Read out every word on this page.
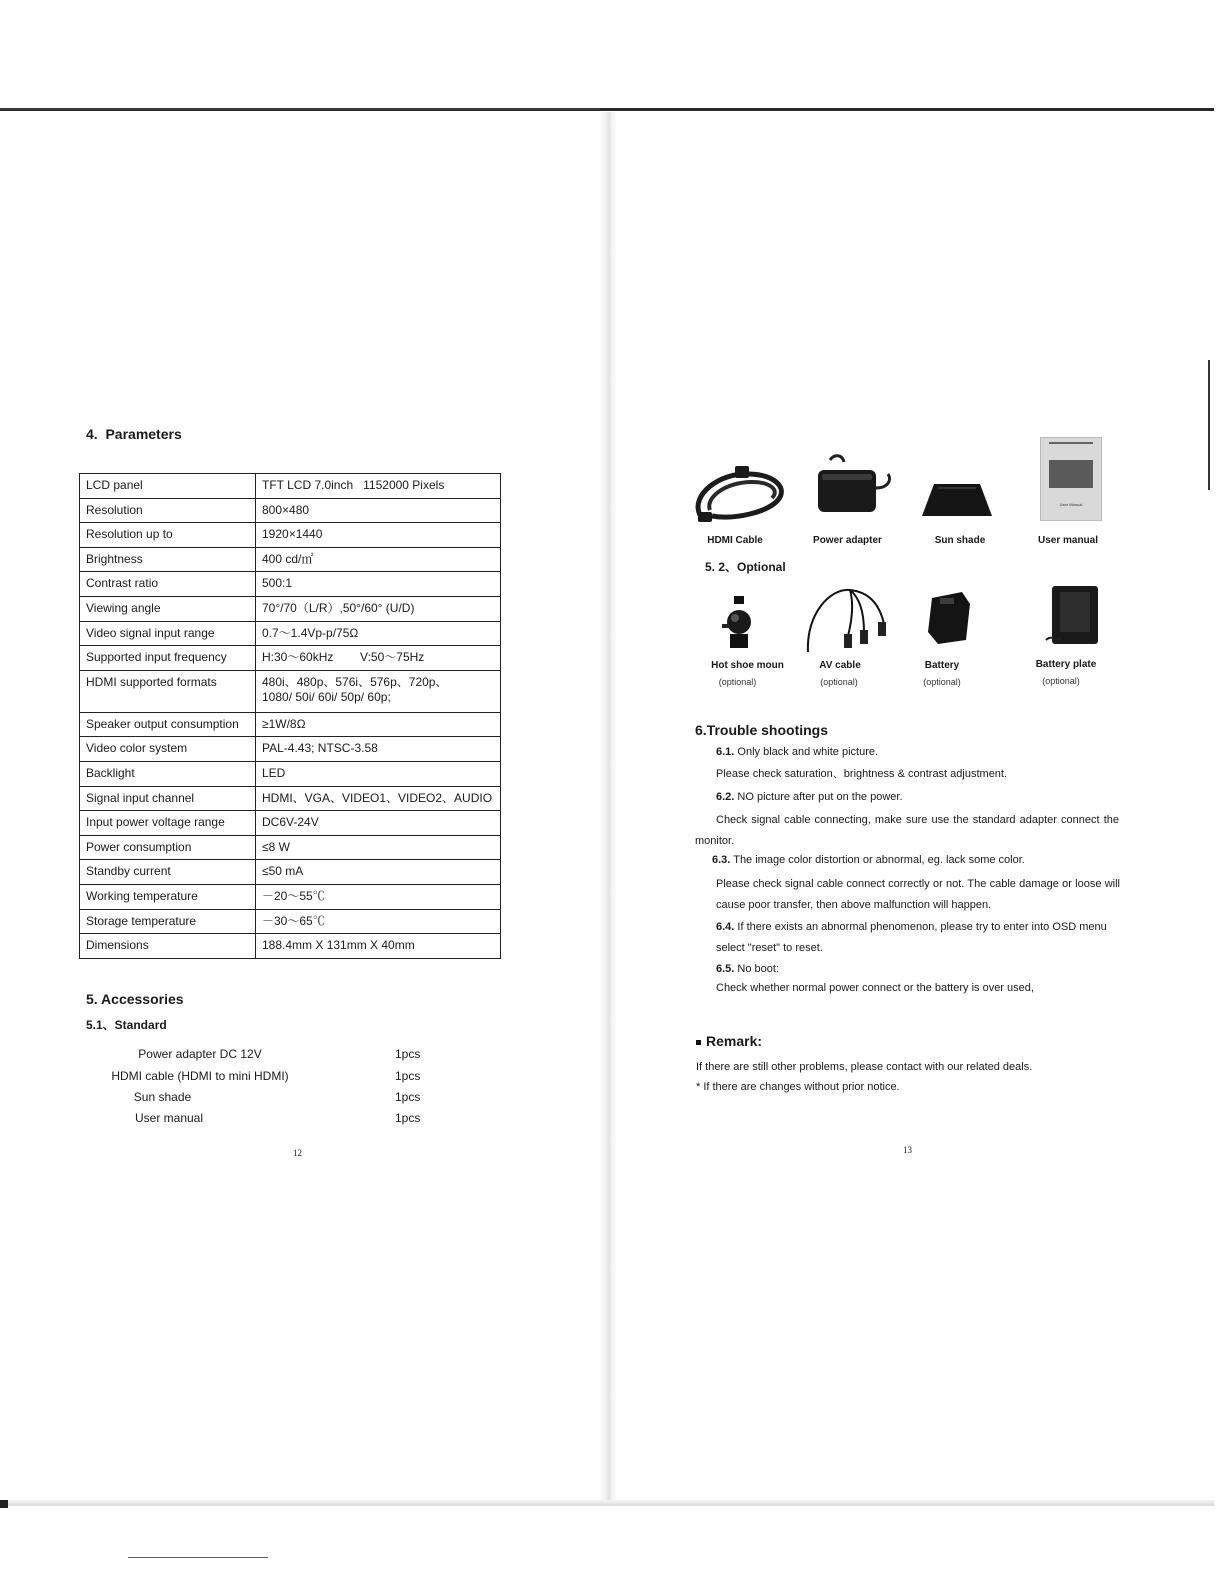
4.  Parameters
LCD panel	TFT LCD 7.0inch   1152000 Pixels
Resolution	800×480
Resolution up to	1920×1440
Brightness	400 cd/㎡
Contrast ratio	500:1
Viewing angle	70°/70（L/R）,50°/60° (U/D)
Video signal input range	0.7～1.4Vp-p/75Ω
Supported input frequency	H:30～60kHz        V:50～75Hz
HDMI supported formats	480i、480p、576i、576p、720p、
1080/ 50i/ 60i/ 50p/ 60p;
Speaker output consumption	≥1W/8Ω
Video color system	PAL-4.43; NTSC-3.58
Backlight	LED
Signal input channel	HDMI、VGA、VIDEO1、VIDEO2、AUDIO
Input power voltage range	DC6V-24V
Power consumption	≤8 W
Standby current	≤50 mA
Working temperature	－20～55℃
Storage temperature	－30～65℃
Dimensions	188.4mm X 131mm X 40mm
5. Accessories
5.1、Standard
Power adapter DC 12V	1pcs
HDMI cable (HDMI to mini HDMI)	1pcs
Sun shade	1pcs
User manual	1pcs
12
User Manual
HDMI Cable	Power adapter	Sun shade	User manual
5. 2、Optional
Hot shoe moun
(optional)
AV cable
(optional)
Battery
(optional)
Battery plate
(optional)
6.Trouble shootings
6.1. Only black and white picture.
Please check saturation、brightness & contrast adjustment.
6.2. NO picture after put on the power.
Check signal cable connecting, make sure use the standard adapter connect the monitor.
6.3. The image color distortion or abnormal, eg. lack some color.
Please check signal cable connect correctly or not. The cable damage or loose will cause poor transfer, then above malfunction will happen.
6.4. If there exists an abnormal phenomenon, please try to enter into OSD menu select "reset" to reset.
6.5. No boot:
Check whether normal power connect or the battery is over used,
Remark:
If there are still other problems, please contact with our related deals.
* If there are changes without prior notice.
13
